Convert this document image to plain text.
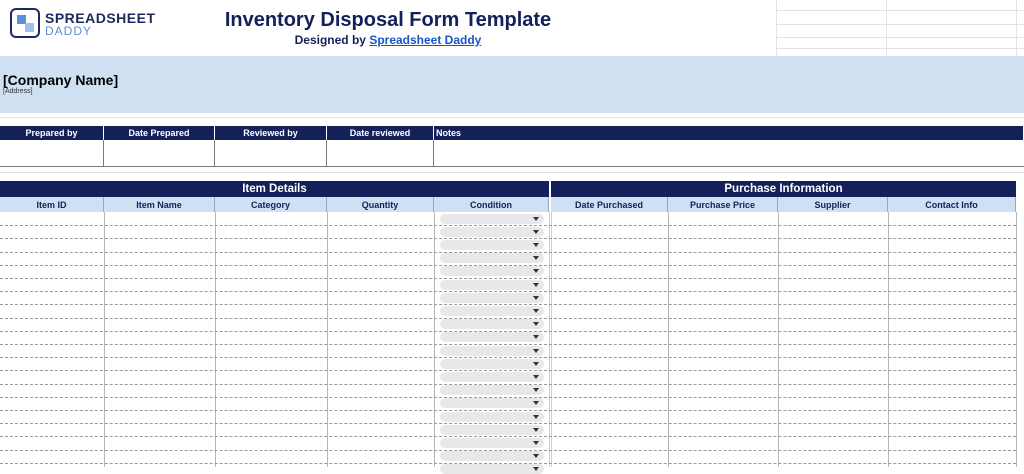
SPREADSHEET
DADDY	Inventory Disposal Form Template
Designed by Spreadsheet Daddy
[Company Name]
[Address]
Prepared by	Date Prepared	Reviewed by	Date reviewed	Notes
Item Details	Purchase Information
Item ID	Item Name	Category	Quantity	Condition	Date Purchased	Purchase Price	Supplier	Contact Info
